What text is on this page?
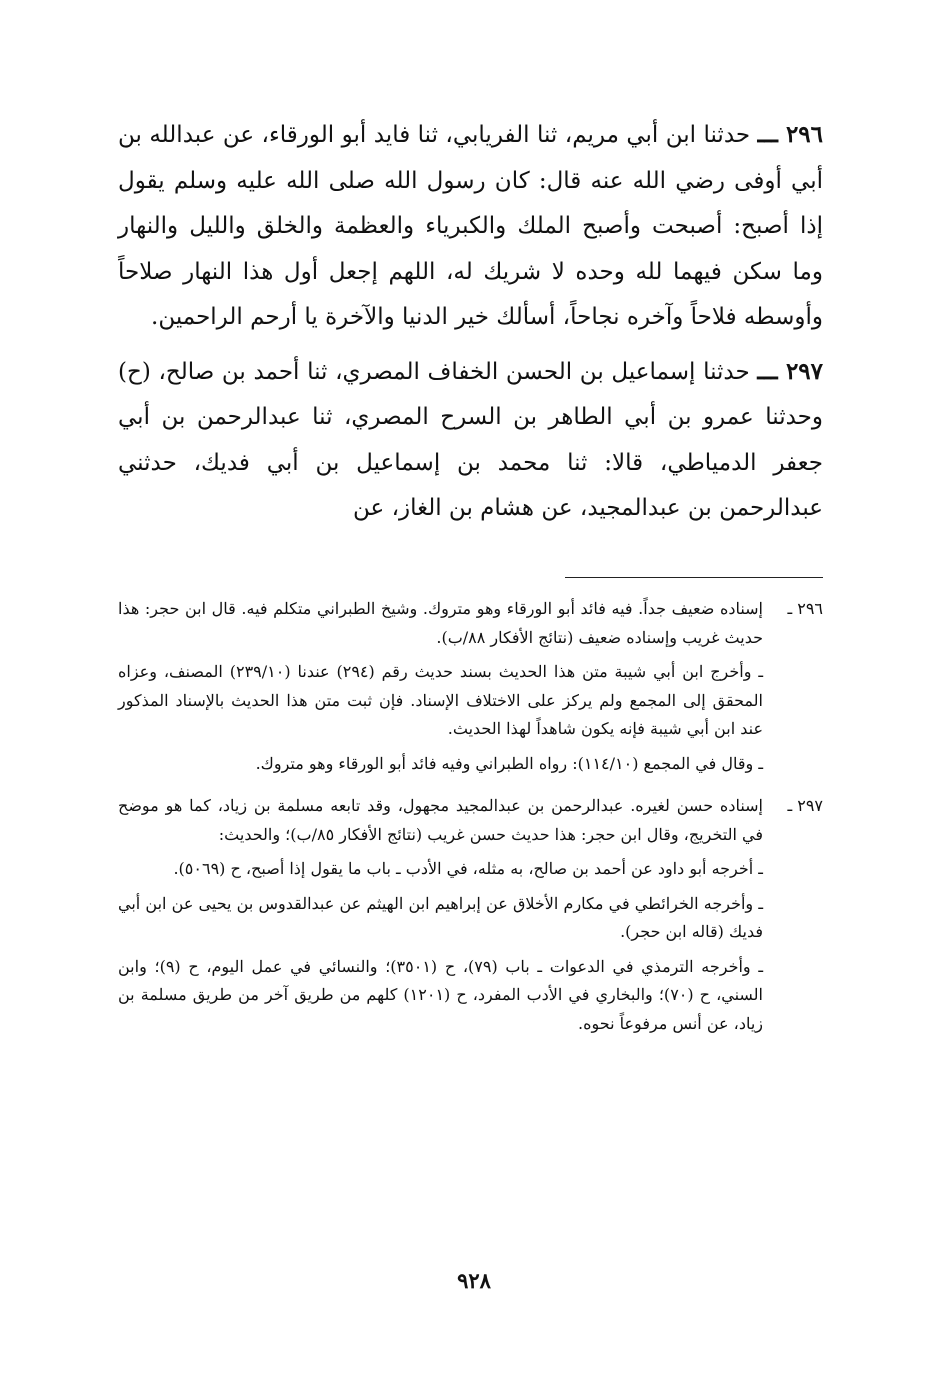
٢٩٦ ـــ حدثنا ابن أبي مريم، ثنا الفريابي، ثنا فايد أبو الورقاء، عن عبدالله بن أبي أوفى رضي الله عنه قال: كان رسول الله صلى الله عليه وسلم يقول إذا أصبح: أصبحت وأصبح الملك والكبرياء والعظمة والخلق والليل والنهار وما سكن فيهما لله وحده لا شريك له، اللهم إجعل أول هذا النهار صلاحاً وأوسطه فلاحاً وآخره نجاحاً، أسألك خير الدنيا والآخرة يا أرحم الراحمين.

٢٩٧ ـــ حدثنا إسماعيل بن الحسن الخفاف المصري، ثنا أحمد بن صالح، (ح) وحدثنا عمرو بن أبي الطاهر بن السرح المصري، ثنا عبدالرحمن بن أبي جعفر الدمياطي، قالا: ثنا محمد بن إسماعيل بن أبي فديك، حدثني عبدالرحمن بن عبدالمجيد، عن هشام بن الغاز، عن

٢٩٦ ـ

إسناده ضعيف جداً. فيه فائد أبو الورقاء وهو متروك. وشيخ الطبراني متكلم فيه. قال ابن حجر: هذا حديث غريب وإسناده ضعيف (نتائج الأفكار ٨٨/ب).

ـ وأخرج ابن أبي شيبة متن هذا الحديث بسند حديث رقم (٢٩٤) عندنا (٢٣٩/١٠) المصنف، وعزاه المحقق إلى المجمع ولم يركز على الاختلاف الإسناد. فإن ثبت متن هذا الحديث بالإسناد المذكور عند ابن أبي شيبة فإنه يكون شاهداً لهذا الحديث.

ـ وقال في المجمع (١١٤/١٠): رواه الطبراني وفيه فائد أبو الورقاء وهو متروك.

٢٩٧ ـ

إسناده حسن لغيره. عبدالرحمن بن عبدالمجيد مجهول، وقد تابعه مسلمة بن زياد، كما هو موضح في التخريج، وقال ابن حجر: هذا حديث حسن غريب (نتائج الأفكار ٨٥/ب)؛ والحديث:

ـ أخرجه أبو داود عن أحمد بن صالح، به مثله، في الأدب ـ باب ما يقول إذا أصبح، ح (٥٠٦٩).

ـ وأخرجه الخرائطي في مكارم الأخلاق عن إبراهيم ابن الهيثم عن عبدالقدوس بن يحيى عن ابن أبي فديك (قاله ابن حجر).

ـ وأخرجه الترمذي في الدعوات ـ باب (٧٩)، ح (٣٥٠١)؛ والنسائي في عمل اليوم، ح (٩)؛ وابن السني، ح (٧٠)؛ والبخاري في الأدب المفرد، ح (١٢٠١) كلهم من طريق آخر من طريق مسلمة بن زياد، عن أنس مرفوعاً نحوه.

٩٢٨
